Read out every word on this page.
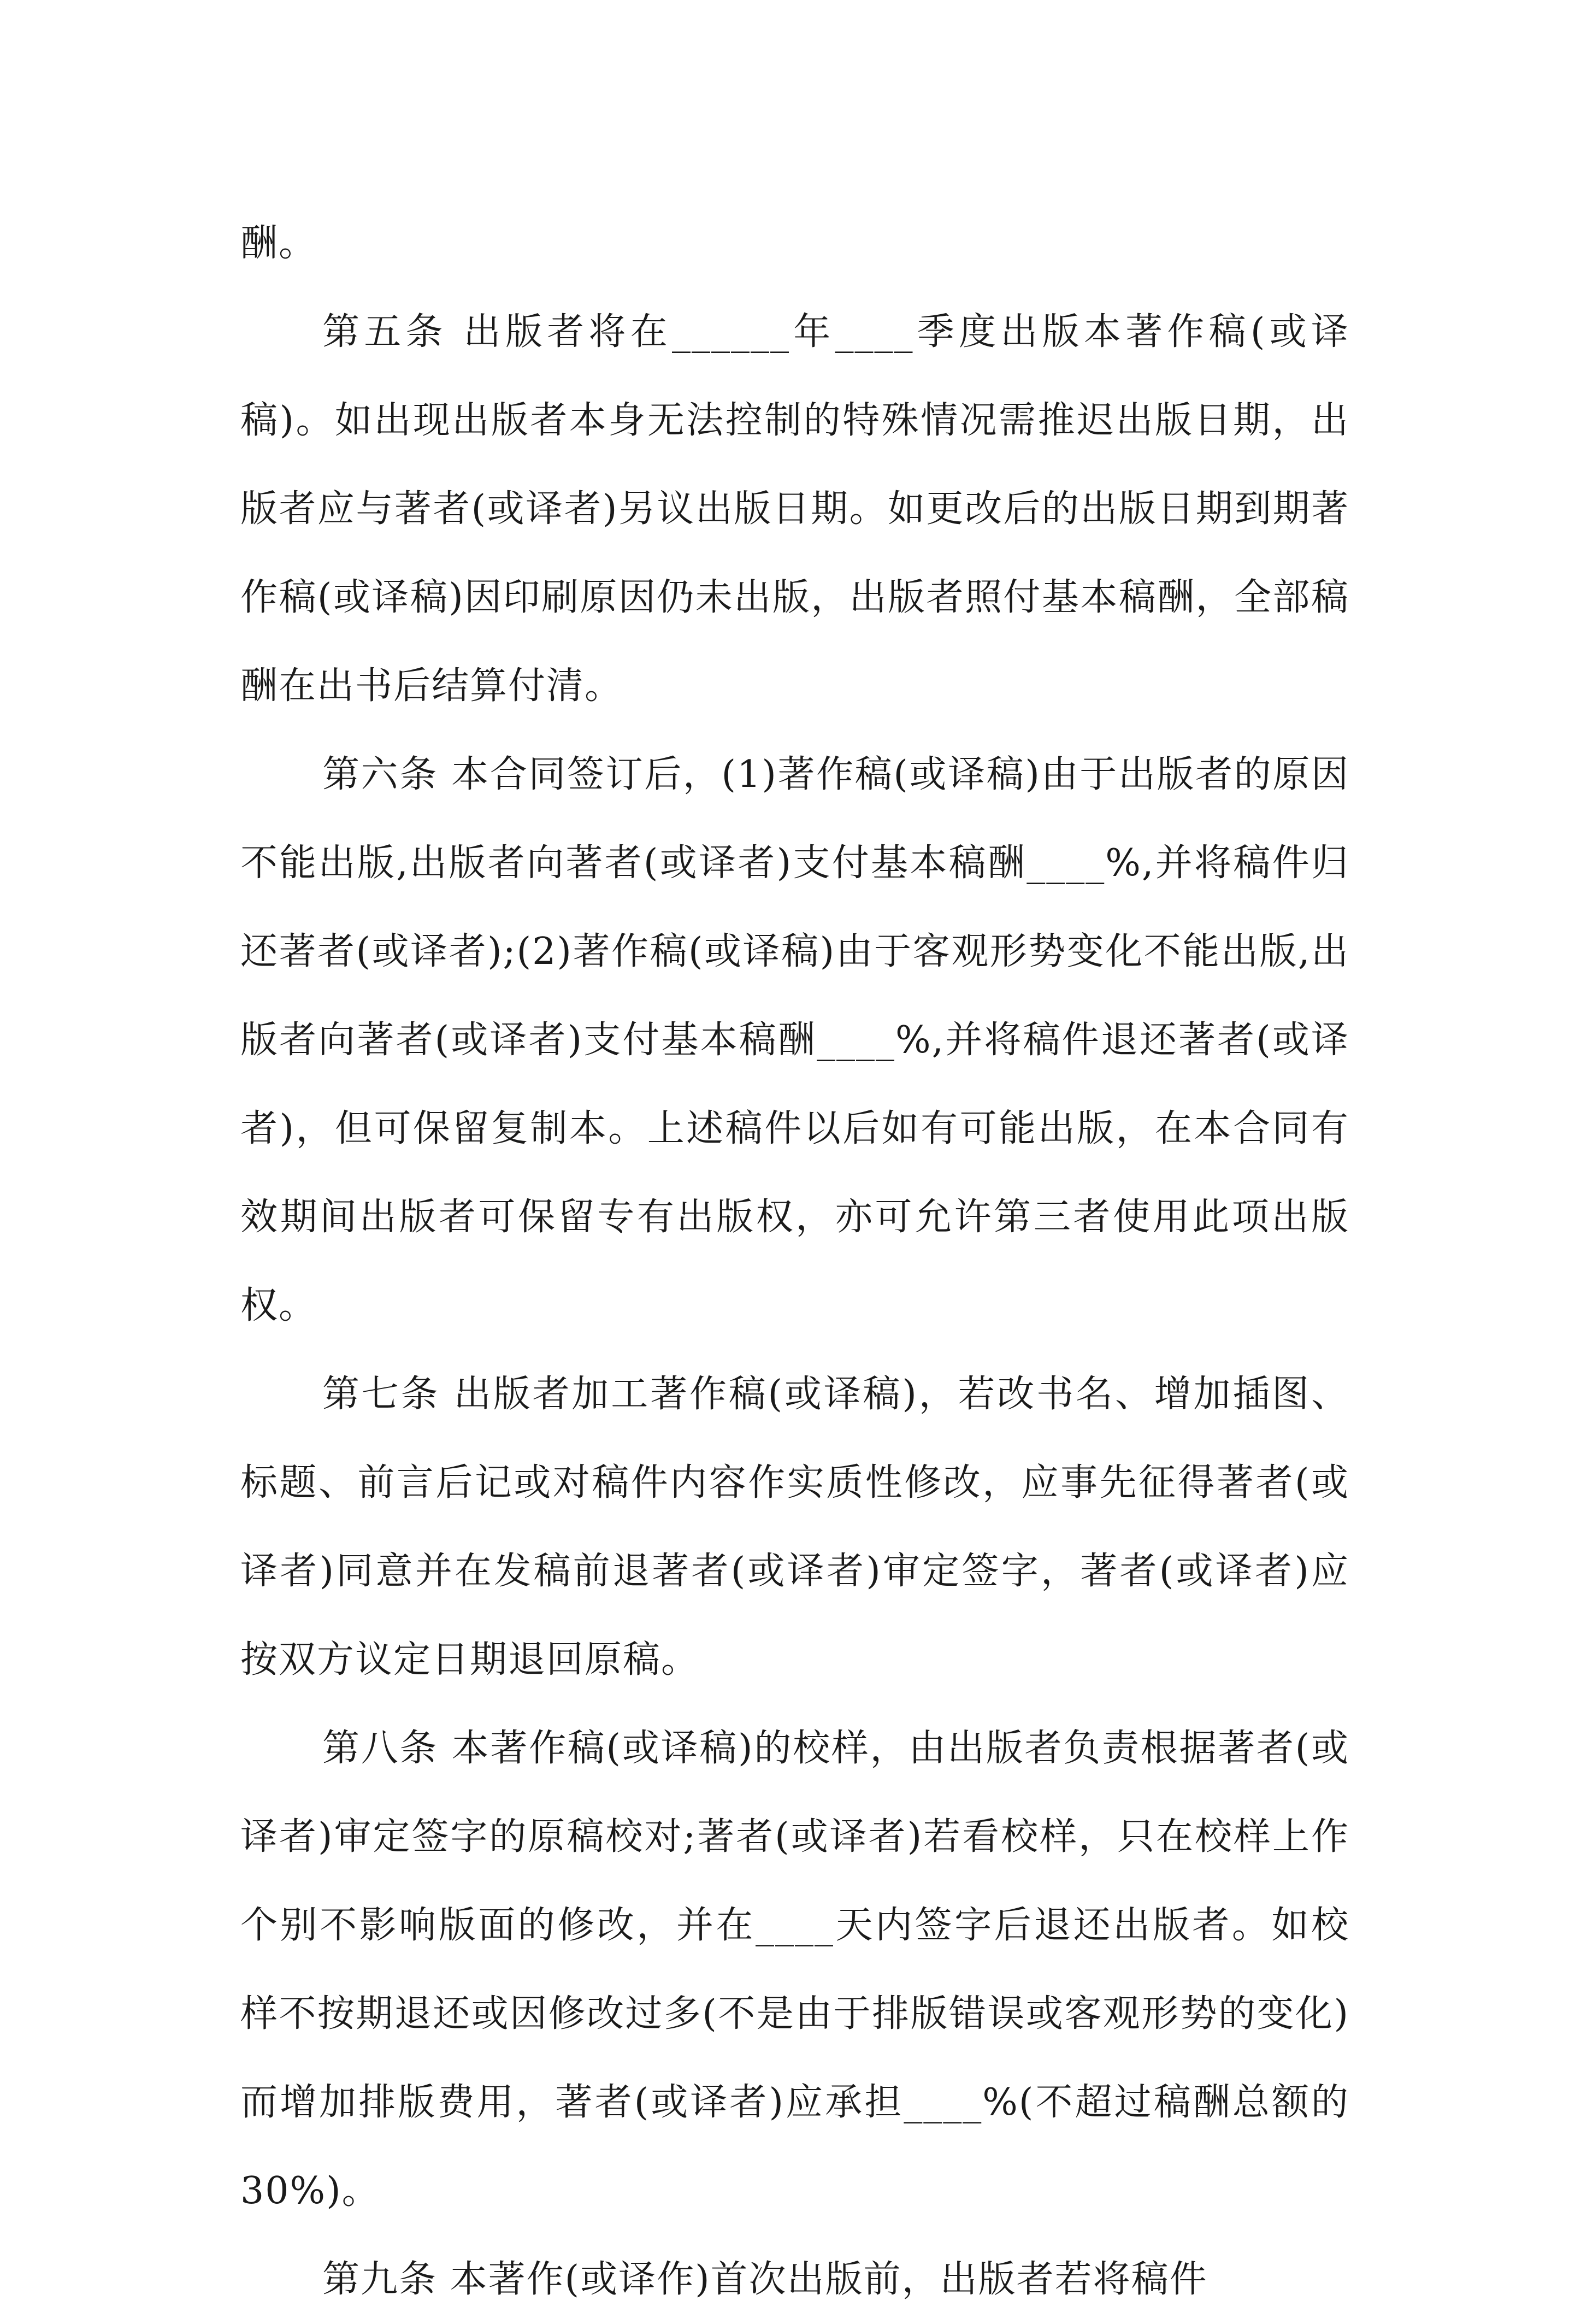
酬。

第五条 出版者将在______年____季度出版本著作稿(或译稿)。如出现出版者本身无法控制的特殊情况需推迟出版日期，出版者应与著者(或译者)另议出版日期。如更改后的出版日期到期著作稿(或译稿)因印刷原因仍未出版，出版者照付基本稿酬，全部稿酬在出书后结算付清。

第六条 本合同签订后，(1)著作稿(或译稿)由于出版者的原因不能出版,出版者向著者(或译者)支付基本稿酬____%,并将稿件归还著者(或译者);(2)著作稿(或译稿)由于客观形势变化不能出版,出版者向著者(或译者)支付基本稿酬____%,并将稿件退还著者(或译者)，但可保留复制本。上述稿件以后如有可能出版，在本合同有效期间出版者可保留专有出版权，亦可允许第三者使用此项出版权。

第七条 出版者加工著作稿(或译稿)，若改书名、增加插图、标题、前言后记或对稿件内容作实质性修改，应事先征得著者(或译者)同意并在发稿前退著者(或译者)审定签字，著者(或译者)应按双方议定日期退回原稿。

第八条 本著作稿(或译稿)的校样，由出版者负责根据著者(或译者)审定签字的原稿校对;著者(或译者)若看校样，只在校样上作个别不影响版面的修改，并在____天内签字后退还出版者。如校样不按期退还或因修改过多(不是由于排版错误或客观形势的变化)而增加排版费用，著者(或译者)应承担____%(不超过稿酬总额的30%)。

第九条 本著作(或译作)首次出版前，出版者若将稿件
